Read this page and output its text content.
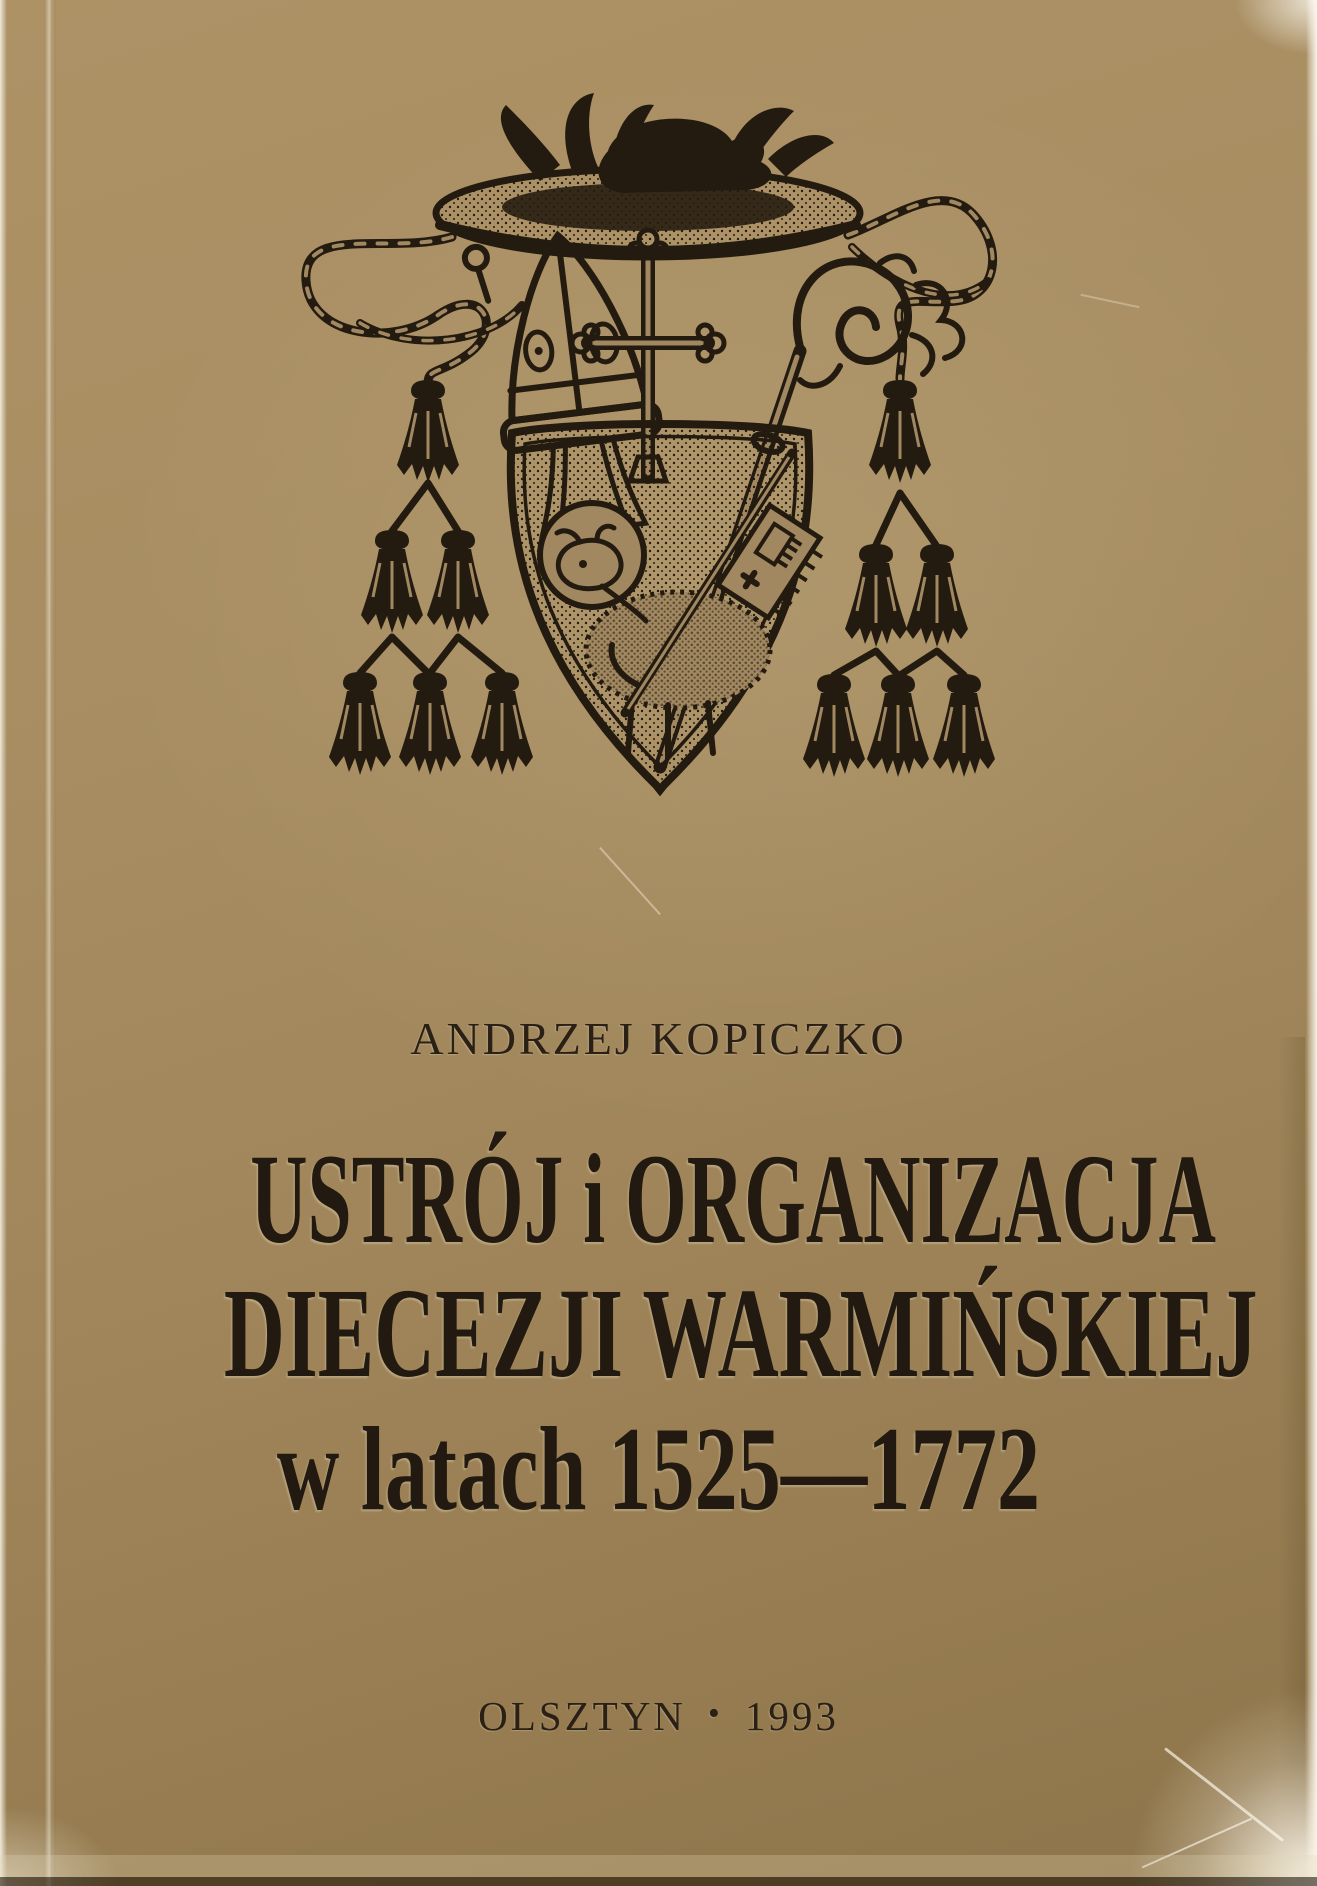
ANDRZEJ KOPICZKO
USTRÓJ i ORGANIZACJA
DIECEZJI WARMIŃSKIEJ
w latach 1525—1772
OLSZTYN • 1993
